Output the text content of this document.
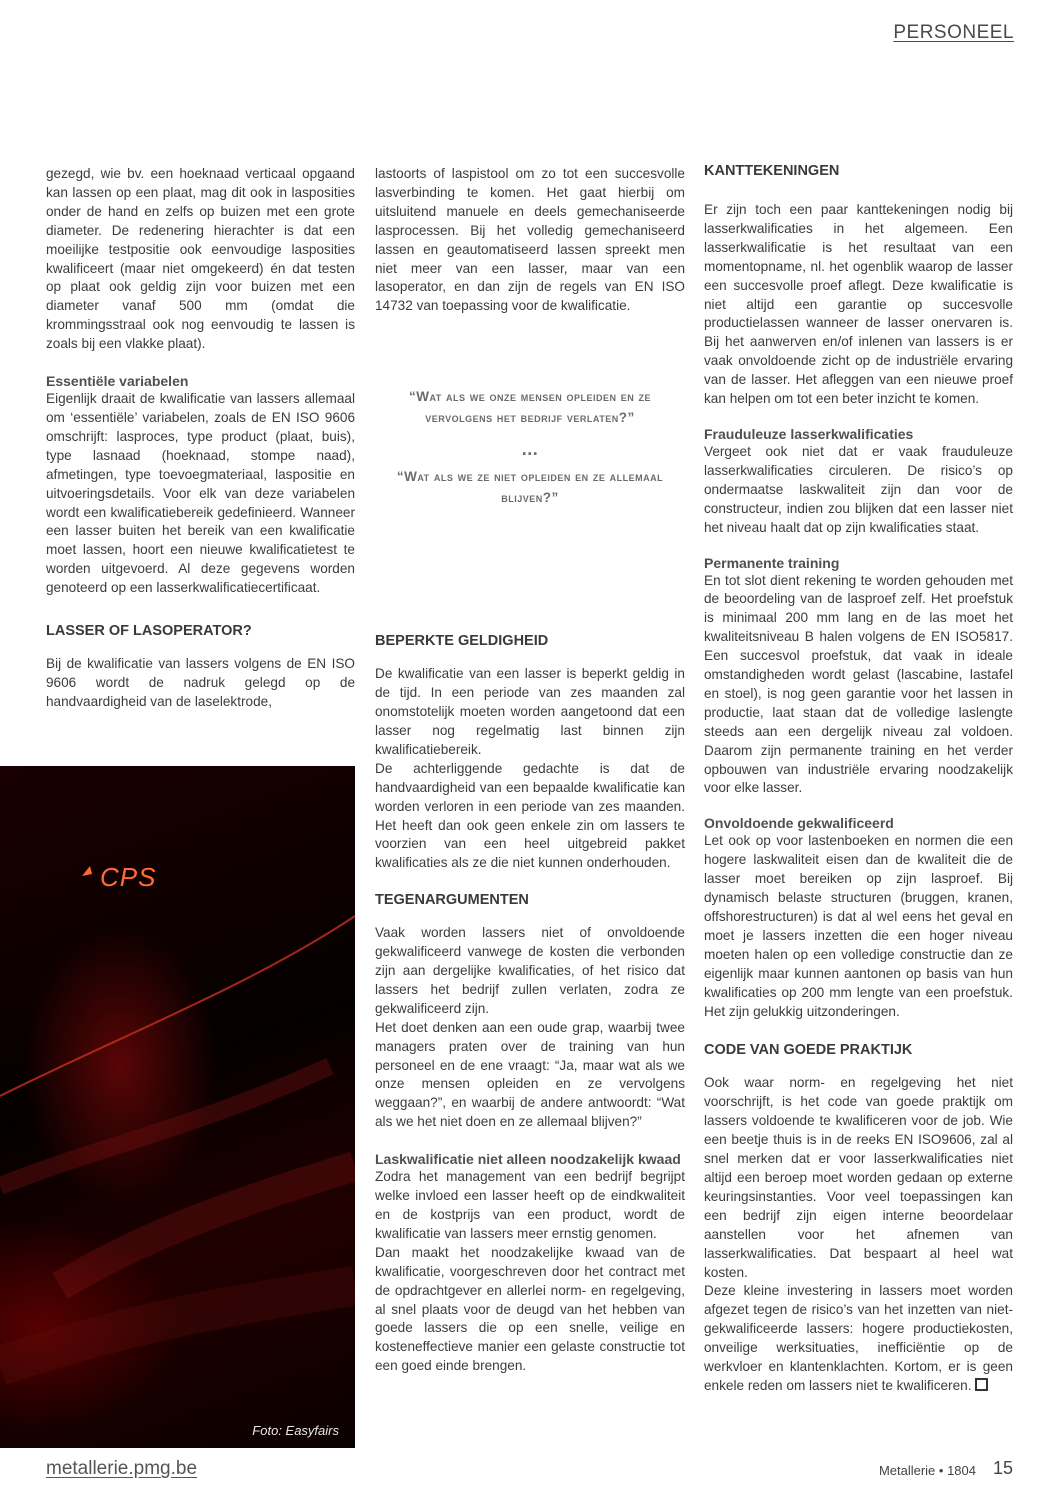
PERSONEEL

gezegd, wie bv. een hoeknaad verticaal opgaand kan lassen op een plaat, mag dit ook in lasposities onder de hand en zelfs op buizen met een grote diameter. De redenering hierachter is dat een moeilijke testpositie ook eenvoudige lasposities kwalificeert (maar niet omgekeerd) én dat testen op plaat ook geldig zijn voor buizen met een diameter vanaf 500 mm (omdat die krommingsstraal ook nog eenvoudig te lassen is zoals bij een vlakke plaat).

Essentiële variabelen

Eigenlijk draait de kwalificatie van lassers allemaal om ‘essentiële’ variabelen, zoals de EN ISO 9606 omschrijft: lasproces, type product (plaat, buis), type lasnaad (hoeknaad, stompe naad), afmetingen, type toevoegmateriaal, laspositie en uitvoeringsdetails. Voor elk van deze variabelen wordt een kwalificatiebereik gedefinieerd. Wanneer een lasser buiten het bereik van een kwalificatie moet lassen, hoort een nieuwe kwalificatietest te worden uitgevoerd. Al deze gegevens worden genoteerd op een lasserkwalificatiecertificaat.

LASSER OF LASOPERATOR?

Bij de kwalificatie van lassers volgens de EN ISO 9606 wordt de nadruk gelegd op de handvaardigheid van de laselektrode,

CPS
Foto: Easyfairs

lastoorts of laspistool om zo tot een succesvolle lasverbinding te komen. Het gaat hierbij om uitsluitend manuele en deels gemechaniseerde lasprocessen. Bij het volledig gemechaniseerd lassen en geautomatiseerd lassen spreekt men niet meer van een lasser, maar van een lasoperator, en dan zijn de regels van EN ISO 14732 van toepassing voor de kwalificatie.

BEPERKTE GELDIGHEID

De kwalificatie van een lasser is beperkt geldig in de tijd. In een periode van zes maanden zal onomstotelijk moeten worden aangetoond dat een lasser nog regelmatig last binnen zijn kwalificatiebereik.

De achterliggende gedachte is dat de handvaardigheid van een bepaalde kwalificatie kan worden verloren in een periode van zes maanden. Het heeft dan ook geen enkele zin om lassers te voorzien van een heel uitgebreid pakket kwalificaties als ze die niet kunnen onderhouden.

TEGENARGUMENTEN

Vaak worden lassers niet of onvoldoende gekwalificeerd vanwege de kosten die verbonden zijn aan dergelijke kwalificaties, of het risico dat lassers het bedrijf zullen verlaten, zodra ze gekwalificeerd zijn.

Het doet denken aan een oude grap, waarbij twee managers praten over de training van hun personeel en de ene vraagt: “Ja, maar wat als we onze mensen opleiden en ze vervolgens weggaan?”, en waarbij de andere antwoordt: “Wat als we het niet doen en ze allemaal blijven?”

Laskwalificatie niet alleen noodzakelijk kwaad

Zodra het management van een bedrijf begrijpt welke invloed een lasser heeft op de eindkwaliteit en de kostprijs van een product, wordt de kwalificatie van lassers meer ernstig genomen.

Dan maakt het noodzakelijke kwaad van de kwalificatie, voorgeschreven door het contract met de opdrachtgever en allerlei norm- en regelgeving, al snel plaats voor de deugd van het hebben van goede lassers die op een snelle, veilige en kosteneffectieve manier een gelaste constructie tot een goed einde brengen.

“Wat als we onze mensen opleiden en ze vervolgens het bedrijf verlaten?”

...

“Wat als we ze niet opleiden en ze allemaal blijven?”

KANTTEKENINGEN

Er zijn toch een paar kanttekeningen nodig bij lasserkwalificaties in het algemeen. Een lasserkwalificatie is het resultaat van een momentopname, nl. het ogenblik waarop de lasser een succesvolle proef aflegt. Deze kwalificatie is niet altijd een garantie op succesvolle productielassen wanneer de lasser onervaren is. Bij het aanwerven en/of inlenen van lassers is er vaak onvoldoende zicht op de industriële ervaring van de lasser. Het afleggen van een nieuwe proef kan helpen om tot een beter inzicht te komen.

Frauduleuze lasserkwalificaties

Vergeet ook niet dat er vaak frauduleuze lasserkwalificaties circuleren. De risico’s op ondermaatse laskwaliteit zijn dan voor de constructeur, indien zou blijken dat een lasser niet het niveau haalt dat op zijn kwalificaties staat.

Permanente training

En tot slot dient rekening te worden gehouden met de beoordeling van de lasproef zelf. Het proefstuk is minimaal 200 mm lang en de las moet het kwaliteitsniveau B halen volgens de EN ISO5817. Een succesvol proefstuk, dat vaak in ideale omstandigheden wordt gelast (lascabine, lastafel en stoel), is nog geen garantie voor het lassen in productie, laat staan dat de volledige laslengte steeds aan een dergelijk niveau zal voldoen. Daarom zijn permanente training en het verder opbouwen van industriële ervaring noodzakelijk voor elke lasser.

Onvoldoende gekwalificeerd

Let ook op voor lastenboeken en normen die een hogere laskwaliteit eisen dan de kwaliteit die de lasser moet bereiken op zijn lasproef. Bij dynamisch belaste structuren (bruggen, kranen, offshorestructuren) is dat al wel eens het geval en moet je lassers inzetten die een hoger niveau moeten halen op een volledige constructie dan ze eigenlijk maar kunnen aantonen op basis van hun kwalificaties op 200 mm lengte van een proefstuk. Het zijn gelukkig uitzonderingen.

CODE VAN GOEDE PRAKTIJK

Ook waar norm- en regelgeving het niet voorschrijft, is het code van goede praktijk om lassers voldoende te kwalificeren voor de job. Wie een beetje thuis is in de reeks EN ISO9606, zal al snel merken dat er voor lasserkwalificaties niet altijd een beroep moet worden gedaan op externe keuringsinstanties. Voor veel toepassingen kan een bedrijf zijn eigen interne beoordelaar aanstellen voor het afnemen van lasserkwalificaties. Dat bespaart al heel wat kosten.

Deze kleine investering in lassers moet worden afgezet tegen de risico’s van het inzetten van niet-gekwalificeerde lassers: hogere productiekosten, onveilige werksituaties, inefficiëntie op de werkvloer en klantenklachten. Kortom, er is geen enkele reden om lassers niet te kwalificeren.

metallerie.pmg.be	Metallerie • 1804 15
